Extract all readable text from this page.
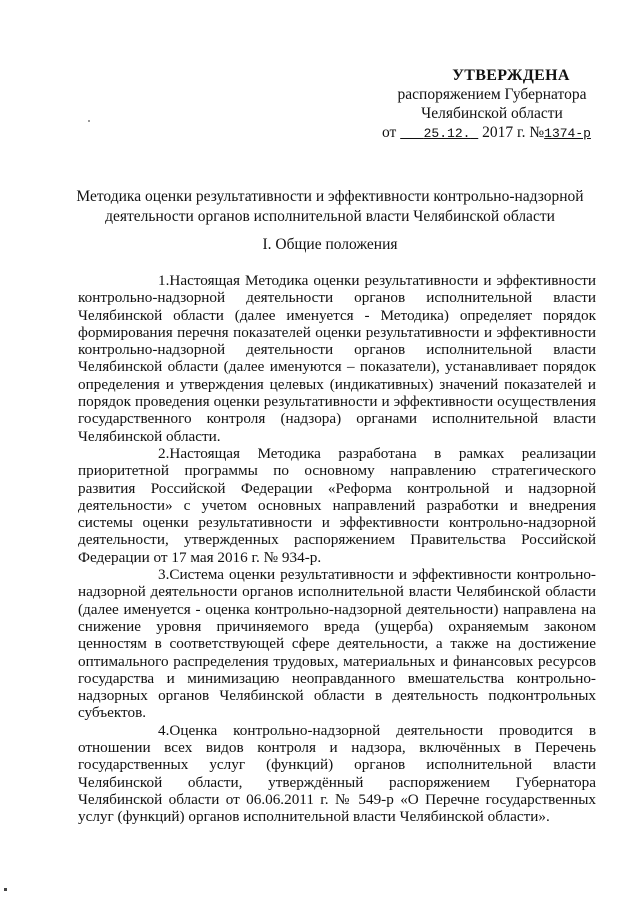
УТВЕРЖДЕНА
распоряжением Губернатора
Челябинской области
от 25.12. 2017 г. №1374-р
Методика оценки результативности и эффективности контрольно-надзорной
деятельности органов исполнительной власти Челябинской области
I. Общие положения

1.Настоящая Методика оценки результативности и эффективности контрольно-надзорной деятельности органов исполнительной власти Челябинской области (далее именуется - Методика) определяет порядок формирования перечня показателей оценки результативности и эффективности контрольно-надзорной деятельности органов исполнительной власти Челябинской области (далее именуются – показатели), устанавливает порядок определения и утверждения целевых (индикативных) значений показателей и порядок проведения оценки результативности и эффективности осуществления государственного контроля (надзора) органами исполнительной власти Челябинской области.

2.Настоящая Методика разработана в рамках реализации приоритетной программы по основному направлению стратегического развития Российской Федерации «Реформа контрольной и надзорной деятельности» с учетом основных направлений разработки и внедрения системы оценки результативности и эффективности контрольно-надзорной деятельности, утвержденных распоряжением Правительства Российской Федерации от 17 мая 2016 г. № 934-р.

3.Система оценки результативности и эффективности контрольно-надзорной деятельности органов исполнительной власти Челябинской области (далее именуется - оценка контрольно-надзорной деятельности) направлена на снижение уровня причиняемого вреда (ущерба) охраняемым законом ценностям в соответствующей сфере деятельности, а также на достижение оптимального распределения трудовых, материальных и финансовых ресурсов государства и минимизацию неоправданного вмешательства контрольно-надзорных органов Челябинской области в деятельность подконтрольных субъектов.

4.Оценка контрольно-надзорной деятельности проводится в отношении всех видов контроля и надзора, включённых в Перечень государственных услуг (функций) органов исполнительной власти Челябинской области, утверждённый распоряжением Губернатора Челябинской области от 06.06.2011 г. № 549-р «О Перечне государственных услуг (функций) органов исполнительной власти Челябинской области».
